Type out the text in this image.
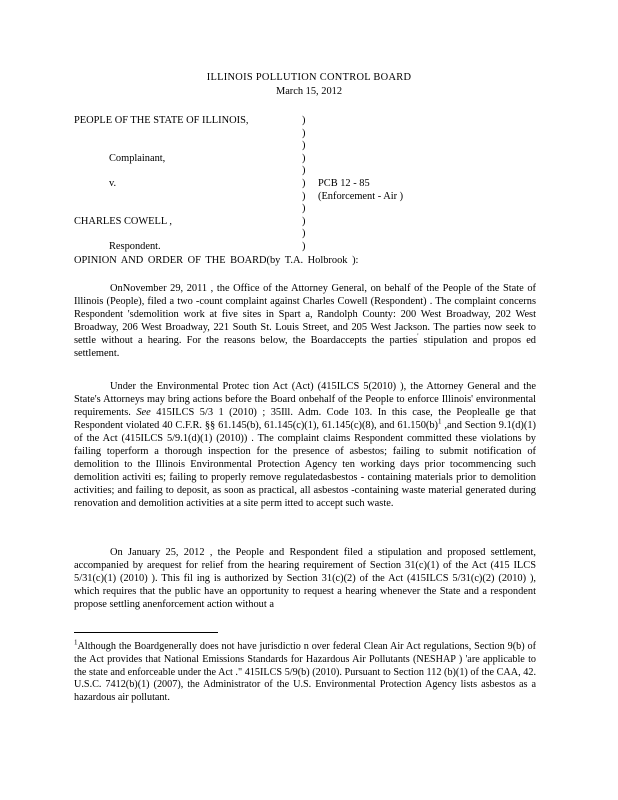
ILLINOIS POLLUTION CONTROL BOARD
March 15, 2012
PEOPLE OF THE STATE OF ILLINOIS,	)
)
)
Complainant,	)
)
v.	) PCB 12 - 85
) (Enforcement - Air )
)
CHARLES COWELL ,	)
)
Respondent.	)
OPINION AND ORDER OF THE BOARD(by T.A. Holbrook ):

OnNovember 29, 2011 , the Office of the Attorney General, on behalf of the People of the State of Illinois (People), filed a two -count complaint against Charles Cowell (Respondent) . The complaint concerns Respondent 'sdemolition work at five sites in Spart a, Randolph County: 200 West Broadway, 202 West Broadway, 206 West Broadway, 221 South St. Louis Street, and 205 West Jackson. The parties now seek to settle without a hearing. For the reasons below, the Boardaccepts the parties' stipulation and propos ed settlement.

Under the Environmental Protec tion Act (Act) (415ILCS 5(2010) ), the Attorney General and the State's Attorneys may bring actions before the Board onbehalf of the People to enforce Illinois' environmental requirements. See 415ILCS 5/3 1 (2010) ; 35Ill. Adm. Code 103. In this case, the Peoplealle ge that Respondent violated 40 C.F.R. §§ 61.145(b), 61.145(c)(1), 61.145(c)(8), and $61.150(b)^1$ ,and Section 9.1(d)(1) of the Act (415ILCS 5/9.1(d)(1) (2010)) . The complaint claims Respondent committed these violations by failing toperform a thorough inspection for the presence of asbestos; failing to submit notification of demolition to the Illinois Environmental Protection Agency ten working days prior tocommencing such demolition activiti es; failing to properly remove regulatedasbestos - containing materials prior to demolition activities; and failing to deposit, as soon as practical, all asbestos -containing waste material generated during renovation and demolition activities at a site perm itted to accept such waste.

On January 25, 2012 , the People and Respondent filed a stipulation and proposed settlement, accompanied by arequest for relief from the hearing requirement of Section 31(c)(1) of the Act (415 ILCS 5/31(c)(1) (2010) ). This fil ing is authorized by Section 31(c)(2) of the Act (415ILCS 5/31(c)(2) (2010) ), which requires that the public have an opportunity to request a hearing whenever the State and a respondent propose settling anenforcement action without a

$^1$Although the Boardgenerally does not have jurisdictio n over federal Clean Air Act regulations, Section 9(b) of the Act provides that National Emissions Standards for Hazardous Air Pollutants (NESHAP ) 'are applicable to the state and enforceable under the Act ." 415ILCS 5/9(b) (2010). Pursuant to Section 112 (b)(1) of the CAA, 42. U.S.C. 7412(b)(1) (2007), the Administrator of the U.S. Environmental Protection Agency lists asbestos as a hazardous air pollutant.
